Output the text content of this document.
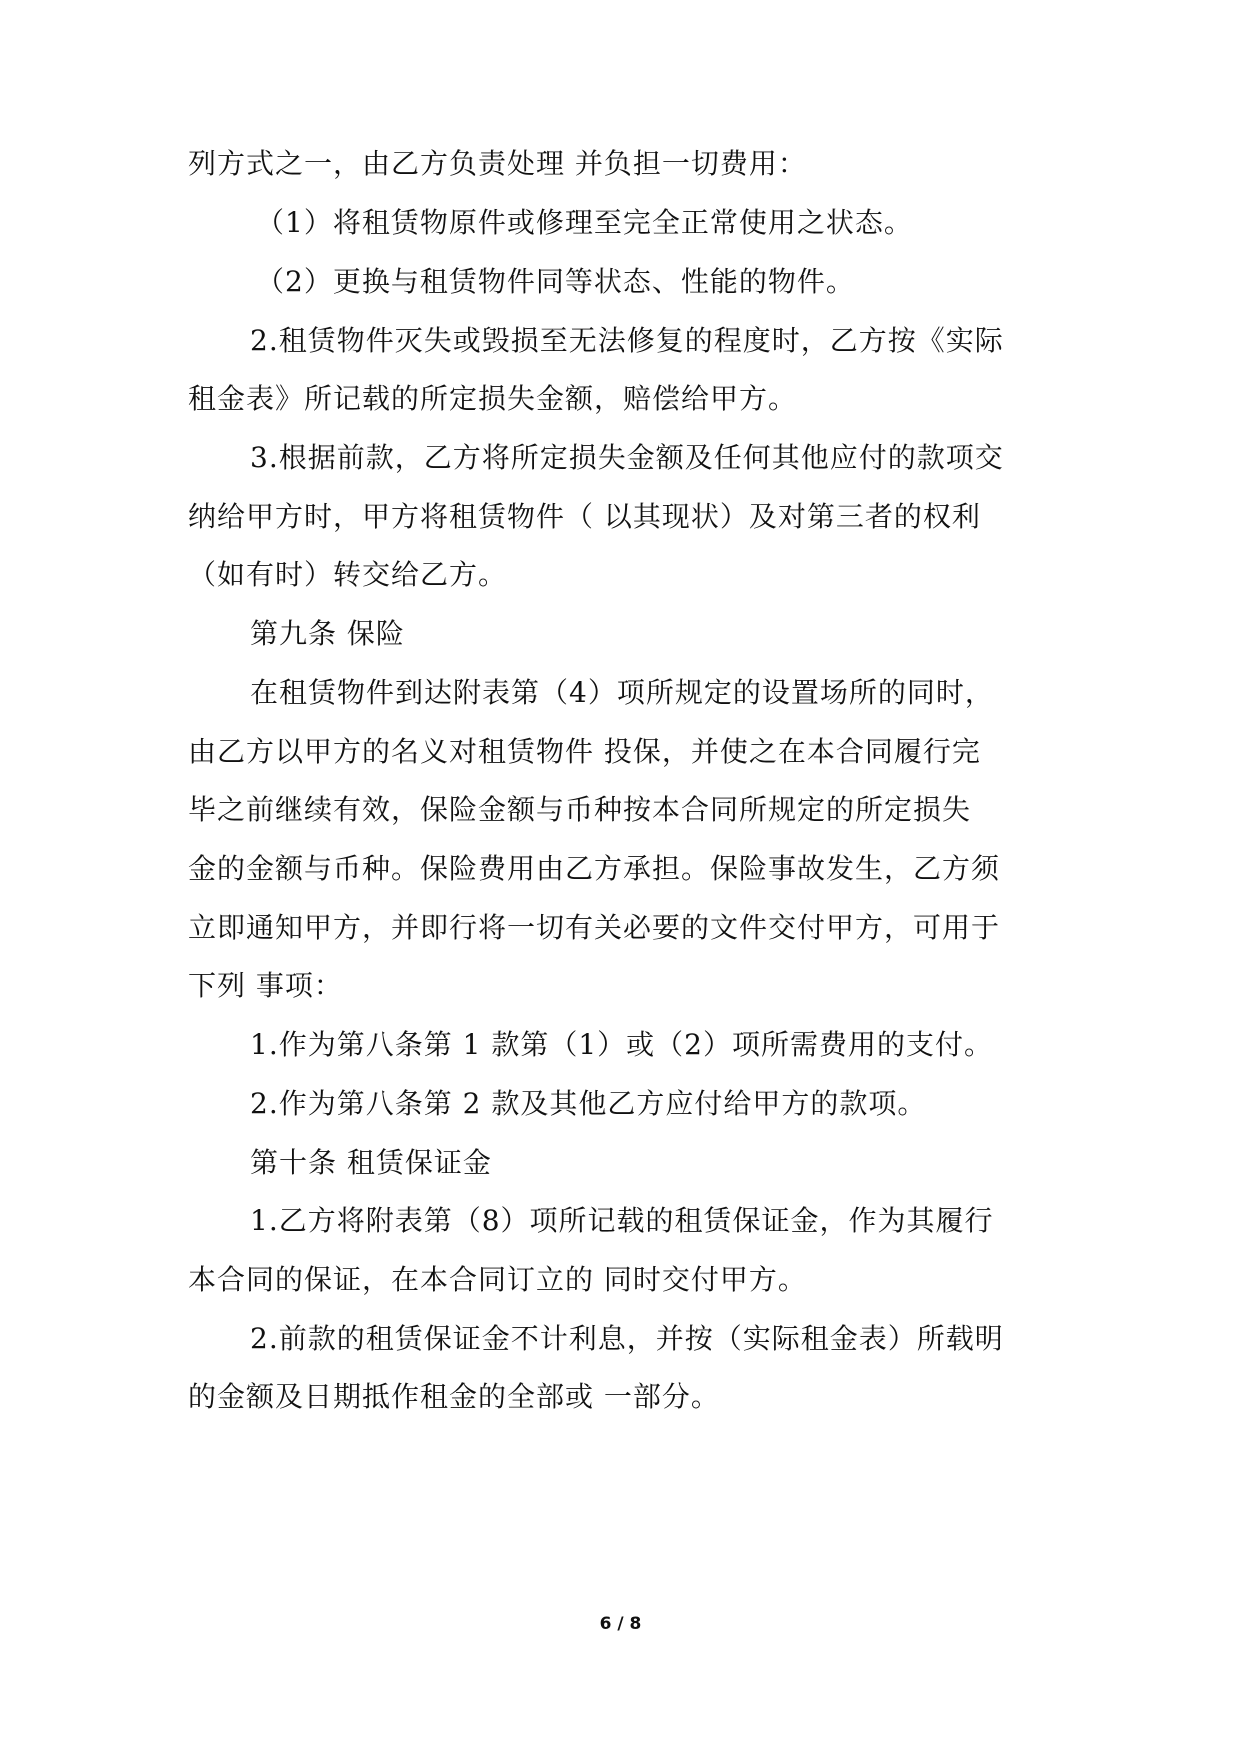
列方式之一，由乙方负责处理 并负担一切费用：
（1）将租赁物原件或修理至完全正常使用之状态。
（2）更换与租赁物件同等状态、性能的物件。
2.租赁物件灭失或毁损至无法修复的程度时，乙方按《实际
租金表》所记载的所定损失金额，赔偿给甲方。
3.根据前款，乙方将所定损失金额及任何其他应付的款项交
纳给甲方时，甲方将租赁物件（ 以其现状）及对第三者的权利
（如有时）转交给乙方。
第九条 保险
在租赁物件到达附表第（4）项所规定的设置场所的同时，
由乙方以甲方的名义对租赁物件 投保，并使之在本合同履行完
毕之前继续有效，保险金额与币种按本合同所规定的所定损失
金的金额与币种。保险费用由乙方承担。保险事故发生，乙方须
立即通知甲方，并即行将一切有关必要的文件交付甲方，可用于
下列 事项：
1.作为第八条第 1 款第（1）或（2）项所需费用的支付。
2.作为第八条第 2 款及其他乙方应付给甲方的款项。
第十条 租赁保证金
1.乙方将附表第（8）项所记载的租赁保证金，作为其履行
本合同的保证，在本合同订立的 同时交付甲方。
2.前款的租赁保证金不计利息，并按（实际租金表）所载明
的金额及日期抵作租金的全部或 一部分。
6 / 8
